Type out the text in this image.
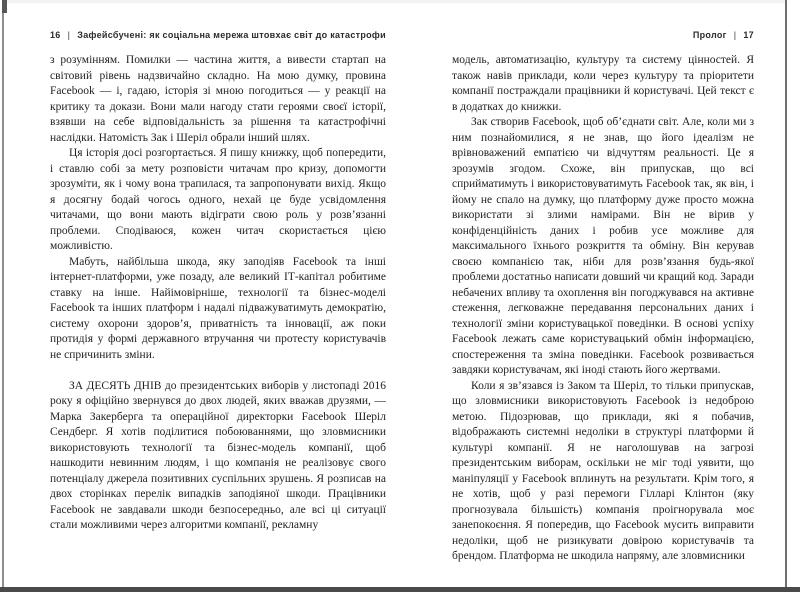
16 | Зафейсбучені: як соціальна мережа штовхає світ до катастрофи

з розумінням. Помилки — частина життя, а вивести стартап на світовий рівень надзвичайно складно. На мою думку, провина Facebook — і, гадаю, історія зі мною погодиться — у реакції на критику та докази. Вони мали нагоду стати героями своєї історії, взявши на себе відповідальність за рішення та катастрофічні наслідки. Натомість Зак і Шеріл обрали інший шлях.

Ця історія досі розгортається. Я пишу книжку, щоб попередити, і ставлю собі за мету розповісти читачам про кризу, допомогти зрозуміти, як і чому вона трапилася, та запропонувати вихід. Якщо я досягну бодай чогось одного, нехай це буде усвідомлення читачами, що вони мають відіграти свою роль у розв’язанні проблеми. Сподіваюся, кожен читач скористається цією можливістю.

Мабуть, найбільша шкода, яку заподіяв Facebook та інші інтернет-платформи, уже позаду, але великий ІТ-капітал робитиме ставку на інше. Найімовірніше, технології та бізнес-моделі Facebook та інших платформ і надалі підважуватимуть демократію, систему охорони здоров’я, приватність та інновації, аж поки протидія у формі державного втручання чи протесту користувачів не спричинить зміни.

ЗА ДЕСЯТЬ ДНІВ до президентських виборів у листопаді 2016 року я офіційно звернувся до двох людей, яких вважав друзями, — Марка Закерберга та операційної директорки Facebook Шеріл Сендберг. Я хотів поділитися побоюваннями, що зловмисники використовують технології та бізнес-модель компанії, щоб нашкодити невинним людям, і що компанія не реалізовує свого потенціалу джерела позитивних суспільних зрушень. Я розписав на двох сторінках перелік випадків заподіяної шкоди. Працівники Facebook не завдавали шкоди безпосередньо, але всі ці ситуації стали можливими через алгоритми компанії, рекламну

Пролог | 17

модель, автоматизацію, культуру та систему цінностей. Я також навів приклади, коли через культуру та пріоритети компанії постраждали працівники й користувачі. Цей текст є в додатках до книжки.

Зак створив Facebook, щоб об’єднати світ. Але, коли ми з ним познайомилися, я не знав, що його ідеалізм не врівноважений емпатією чи відчуттям реальності. Це я зрозумів згодом. Схоже, він припускав, що всі сприйматимуть і використовуватимуть Facebook так, як він, і йому не спало на думку, що платформу дуже просто можна використати зі злими намірами. Він не вірив у конфіденційність даних і робив усе можливе для максимального їхнього розкриття та обміну. Він керував своєю компанією так, ніби для розв’язання будь-якої проблеми достатньо написати довший чи кращий код. Заради небачених впливу та охоплення він погоджувався на активне стеження, легковажне передавання персональних даних і технології зміни користувацької поведінки. В основі успіху Facebook лежать саме користувацький обмін інформацією, спостереження та зміна поведінки. Facebook розвивається завдяки користувачам, які іноді стають його жертвами.

Коли я зв’язався із Заком та Шеріл, то тільки припускав, що зловмисники використовують Facebook із недоброю метою. Підозрював, що приклади, які я побачив, відображають системні недоліки в структурі платформи й культурі компанії. Я не наголошував на загрозі президентським виборам, оскільки не міг тоді уявити, що маніпуляції у Facebook вплинуть на результати. Крім того, я не хотів, щоб у разі перемоги Гілларі Клінтон (яку прогнозувала більшість) компанія проігнорувала моє занепокоєння. Я попередив, що Facebook мусить виправити недоліки, щоб не ризикувати довірою користувачів та брендом. Платформа не шкодила напряму, але зловмисники
